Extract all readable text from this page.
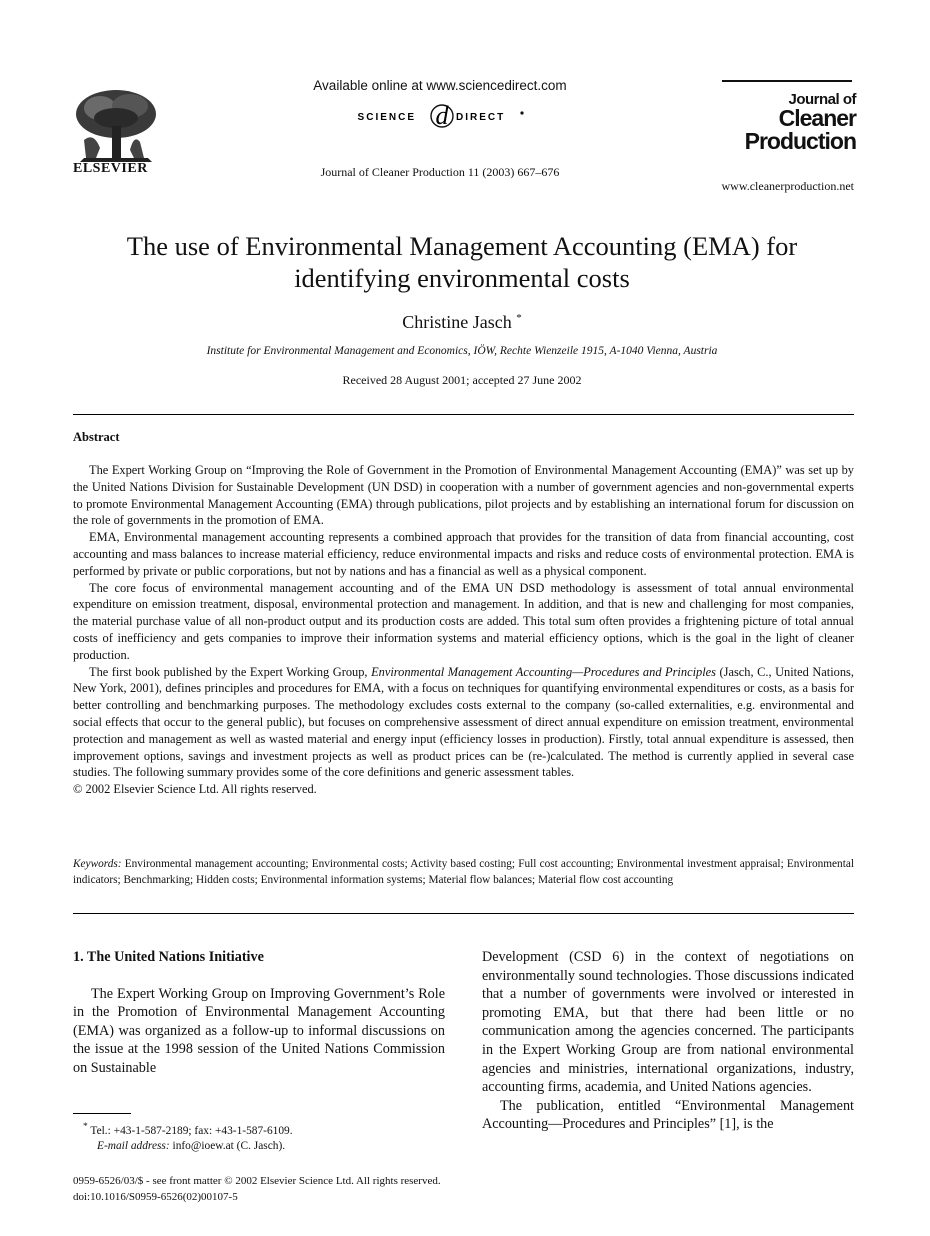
ELSEVIER
Available online at www.sciencedirect.com
SCIENCE d DIRECT
Journal of Cleaner Production 11 (2003) 667–676
Journal of
Cleaner
Production
www.cleanerproduction.net
The use of Environmental Management Accounting (EMA) for
identifying environmental costs
Christine Jasch *
Institute for Environmental Management and Economics, IÖW, Rechte Wienzeile 1915, A-1040 Vienna, Austria
Received 28 August 2001; accepted 27 June 2002
Abstract

The Expert Working Group on “Improving the Role of Government in the Promotion of Environmental Management Accounting (EMA)” was set up by the United Nations Division for Sustainable Development (UN DSD) in cooperation with a number of government agencies and non-governmental experts to promote Environmental Management Accounting (EMA) through publications, pilot projects and by establishing an international forum for discussion on the role of governments in the promotion of EMA.

EMA, Environmental management accounting represents a combined approach that provides for the transition of data from financial accounting, cost accounting and mass balances to increase material efficiency, reduce environmental impacts and risks and reduce costs of environmental protection. EMA is performed by private or public corporations, but not by nations and has a financial as well as a physical component.

The core focus of environmental management accounting and of the EMA UN DSD methodology is assessment of total annual environmental expenditure on emission treatment, disposal, environmental protection and management. In addition, and that is new and challenging for most companies, the material purchase value of all non-product output and its production costs are added. This total sum often provides a frightening picture of total annual costs of inefficiency and gets companies to improve their information systems and material efficiency options, which is the goal in the light of cleaner production.

The first book published by the Expert Working Group, Environmental Management Accounting—Procedures and Principles (Jasch, C., United Nations, New York, 2001), defines principles and procedures for EMA, with a focus on techniques for quantifying environmental expenditures or costs, as a basis for better controlling and benchmarking purposes. The methodology excludes costs external to the company (so-called externalities, e.g. environmental and social effects that occur to the general public), but focuses on comprehensive assessment of direct annual expenditure on emission treatment, environmental protection and management as well as wasted material and energy input (efficiency losses in production). Firstly, total annual expenditure is assessed, then improvement options, savings and investment projects as well as product prices can be (re-)calculated. The method is currently applied in several case studies. The following summary provides some of the core definitions and generic assessment tables.

© 2002 Elsevier Science Ltd. All rights reserved.

Keywords: Environmental management accounting; Environmental costs; Activity based costing; Full cost accounting; Environmental investment appraisal; Environmental indicators; Benchmarking; Hidden costs; Environmental information systems; Material flow balances; Material flow cost accounting
1. The United Nations Initiative

The Expert Working Group on Improving Government’s Role in the Promotion of Environmental Management Accounting (EMA) was organized as a follow-up to informal discussions on the issue at the 1998 session of the United Nations Commission on Sustainable

Development (CSD 6) in the context of negotiations on environmentally sound technologies. Those discussions indicated that a number of governments were involved or interested in promoting EMA, but that there had been little or no communication among the agencies concerned. The participants in the Expert Working Group are from national environmental agencies and ministries, international organizations, industry, accounting firms, academia, and United Nations agencies.

The publication, entitled “Environmental Management Accounting—Procedures and Principles” [1], is the

* Tel.: +43-1-587-2189; fax: +43-1-587-6109.
E-mail address: info@ioew.at (C. Jasch).
0959-6526/03/$ - see front matter © 2002 Elsevier Science Ltd. All rights reserved.
doi:10.1016/S0959-6526(02)00107-5
